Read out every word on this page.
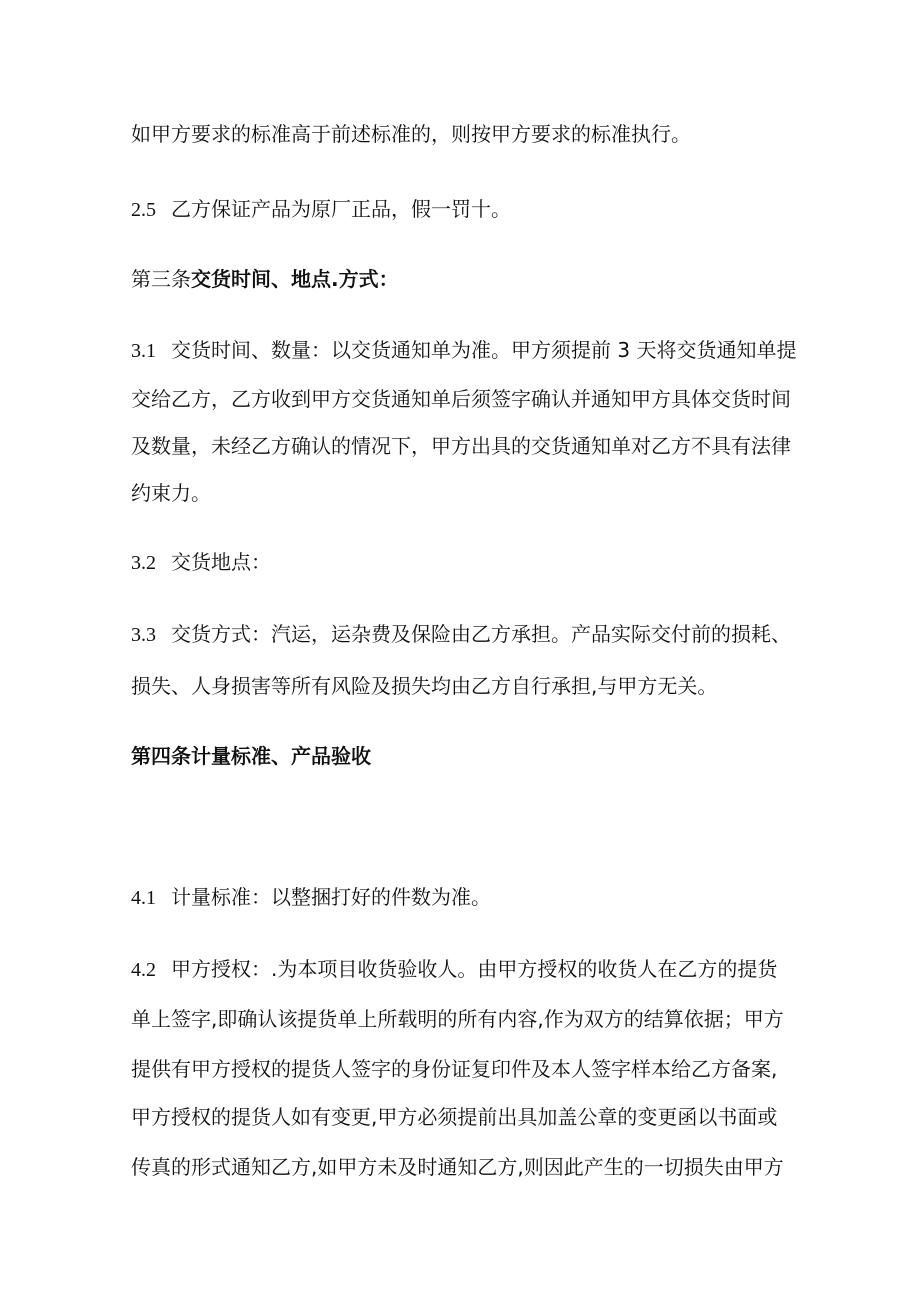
如甲方要求的标准高于前述标准的，则按甲方要求的标准执行。
2.5 乙方保证产品为原厂正品，假一罚十。
第三条交货时间、地点.方式：
3.1 交货时间、数量：以交货通知单为准。甲方须提前 3 天将交货通知单提
交给乙方，乙方收到甲方交货通知单后须签字确认并通知甲方具体交货时间
及数量，未经乙方确认的情况下，甲方出具的交货通知单对乙方不具有法律
约束力。
3.2 交货地点：
3.3 交货方式：汽运，运杂费及保险由乙方承担。产品实际交付前的损耗、
损失、人身损害等所有风险及损失均由乙方自行承担,与甲方无关。
第四条计量标准、产品验收
4.1 计量标准：以整捆打好的件数为准。
4.2 甲方授权：.为本项目收货验收人。由甲方授权的收货人在乙方的提货
单上签字,即确认该提货单上所载明的所有内容,作为双方的结算依据；甲方
提供有甲方授权的提货人签字的身份证复印件及本人签字样本给乙方备案,
甲方授权的提货人如有变更,甲方必须提前出具加盖公章的变更函以书面或
传真的形式通知乙方,如甲方未及时通知乙方,则因此产生的一切损失由甲方
